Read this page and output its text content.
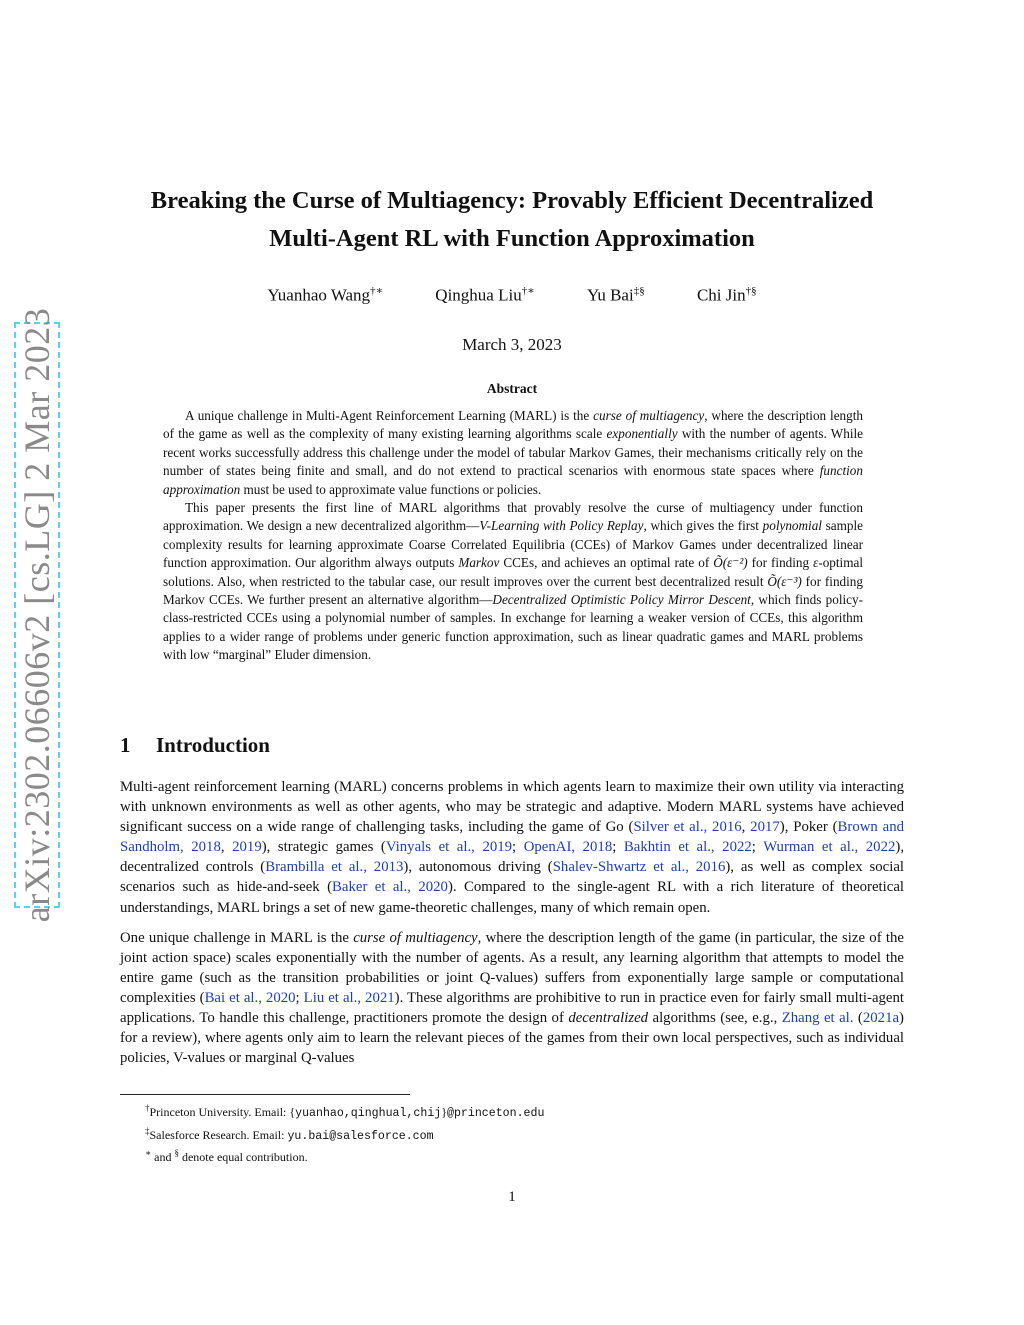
arXiv:2302.06606v2 [cs.LG] 2 Mar 2023
Breaking the Curse of Multiagency: Provably Efficient Decentralized
Multi-Agent RL with Function Approximation
Yuanhao Wang†∗	Qinghua Liu†∗	Yu Bai‡§	Chi Jin†§
March 3, 2023
Abstract

A unique challenge in Multi-Agent Reinforcement Learning (MARL) is the curse of multiagency, where the description length of the game as well as the complexity of many existing learning algorithms scale exponentially with the number of agents. While recent works successfully address this challenge under the model of tabular Markov Games, their mechanisms critically rely on the number of states being finite and small, and do not extend to practical scenarios with enormous state spaces where function approximation must be used to approximate value functions or policies.

This paper presents the first line of MARL algorithms that provably resolve the curse of multiagency under function approximation. We design a new decentralized algorithm—V-Learning with Policy Replay, which gives the first polynomial sample complexity results for learning approximate Coarse Correlated Equilibria (CCEs) of Markov Games under decentralized linear function approximation. Our algorithm always outputs Markov CCEs, and achieves an optimal rate of Õ(ε⁻²) for finding ε-optimal solutions. Also, when restricted to the tabular case, our result improves over the current best decentralized result Õ(ε⁻³) for finding Markov CCEs. We further present an alternative algorithm—Decentralized Optimistic Policy Mirror Descent, which finds policy-class-restricted CCEs using a polynomial number of samples. In exchange for learning a weaker version of CCEs, this algorithm applies to a wider range of problems under generic function approximation, such as linear quadratic games and MARL problems with low “marginal” Eluder dimension.

1 Introduction

Multi-agent reinforcement learning (MARL) concerns problems in which agents learn to maximize their own utility via interacting with unknown environments as well as other agents, who may be strategic and adaptive. Modern MARL systems have achieved significant success on a wide range of challenging tasks, including the game of Go (Silver et al., 2016, 2017), Poker (Brown and Sandholm, 2018, 2019), strategic games (Vinyals et al., 2019; OpenAI, 2018; Bakhtin et al., 2022; Wurman et al., 2022), decentralized controls (Brambilla et al., 2013), autonomous driving (Shalev-Shwartz et al., 2016), as well as complex social scenarios such as hide-and-seek (Baker et al., 2020). Compared to the single-agent RL with a rich literature of theoretical understandings, MARL brings a set of new game-theoretic challenges, many of which remain open.

One unique challenge in MARL is the curse of multiagency, where the description length of the game (in particular, the size of the joint action space) scales exponentially with the number of agents. As a result, any learning algorithm that attempts to model the entire game (such as the transition probabilities or joint Q-values) suffers from exponentially large sample or computational complexities (Bai et al., 2020; Liu et al., 2021). These algorithms are prohibitive to run in practice even for fairly small multi-agent applications. To handle this challenge, practitioners promote the design of decentralized algorithms (see, e.g., Zhang et al. (2021a) for a review), where agents only aim to learn the relevant pieces of the games from their own local perspectives, such as individual policies, V-values or marginal Q-values

†Princeton University. Email: {yuanhao,qinghual,chij}@princeton.edu
‡Salesforce Research. Email: yu.bai@salesforce.com
∗ and § denote equal contribution.
1
